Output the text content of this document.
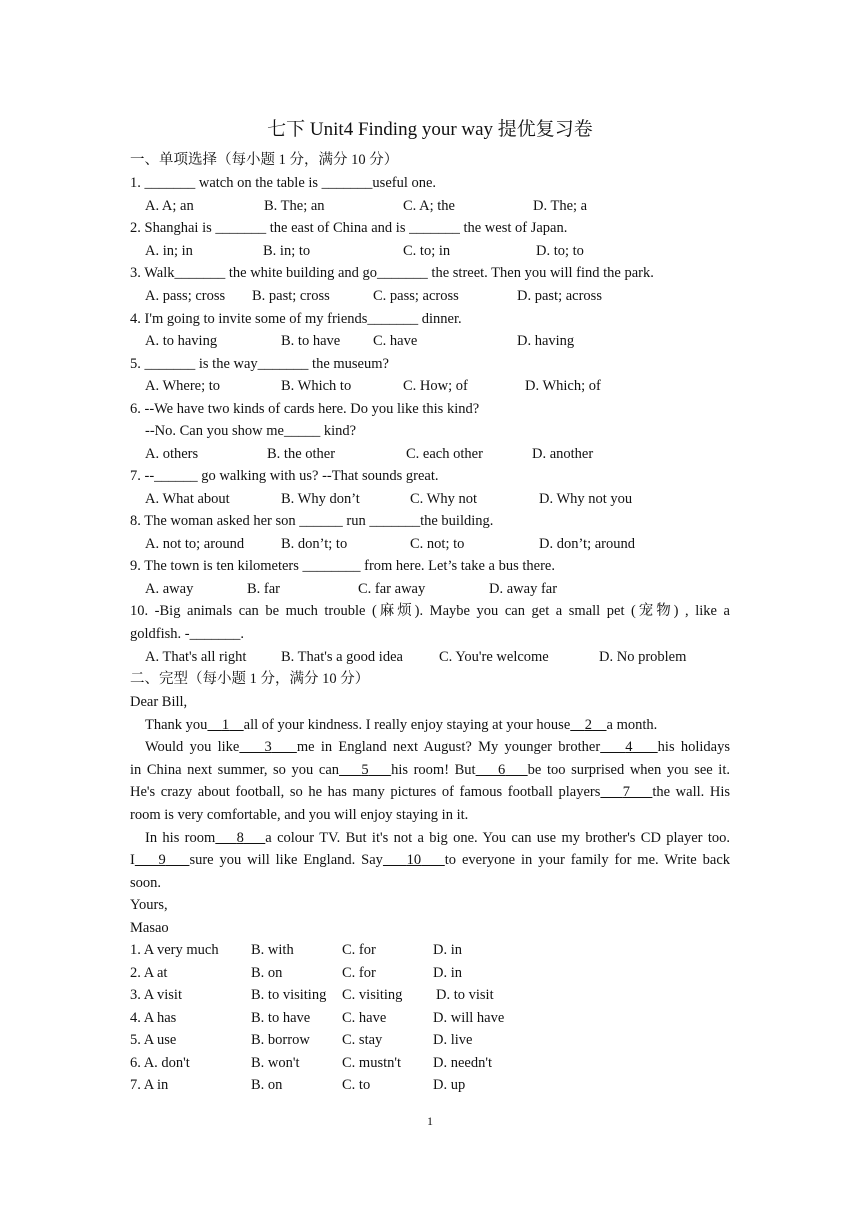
七下 Unit4 Finding your way 提优复习卷
一、单项选择（每小题 1 分，满分 10 分）
1. _______ watch on the table is _______useful one.
A. A; an	B. The; an	C. A; the	D. The; a
2. Shanghai is _______ the east of China and is _______ the west of Japan.
A. in; in	B. in; to	C. to; in	D. to; to
3. Walk_______ the white building and go_______ the street. Then you will find the park.
A. pass; cross B. past; cross	C. pass; across	D. past; across
4. I'm going to invite some of my friends_______ dinner.
A. to having	B. to have C. have	D. having
5. _______ is the way_______ the museum?
A. Where; to	B. Which to	C. How; of	D. Which; of
6. --We have two kinds of cards here. Do you like this kind?
--No. Can you show me_____ kind?
A. others	B. the other	C. each other	D. another
7. --______ go walking with us? --That sounds great.
A. What about	B. Why don’t	C. Why not	D. Why not you
8. The woman asked her son ______ run _______the building.
A. not to; around	B. don’t; to	C. not; to	D. don’t; around
9. The town is ten kilometers ________ from here. Let’s take a bus there.
A. away	B. far	C. far away	D. away far
10. -Big animals can be much trouble (麻烦). Maybe you can get a small pet (宠物) , like a
goldfish. -_______.
A. That's all right B. That's a good idea C. You're welcome	D. No problem
二、完型（每小题 1 分，满分 10 分）
Dear Bill,
Thank you 1 all of your kindness. I really enjoy staying at your house 2 a month.
Would you like 3 me in England next August? My younger brother 4 his holidays
in China next summer, so you can 5 his room! But 6 be too surprised when you see it.
He's crazy about football, so he has many pictures of famous football players 7 the wall. His
room is very comfortable, and you will enjoy staying in it.
In his room 8 a colour TV. But it's not a big one. You can use my brother's CD player too.
I 9 sure you will like England. Say 10 to everyone in your family for me. Write back
soon.
Yours,
Masao
1. A very much B. with	C. for	D. in
2. A at	B. on	C. for	D. in
3. A visit	B. to visiting C. visiting D. to visit
4. A has	B. to have C. have	D. will have
5. A use	B. borrow C. stay	D. live
6. A. don't	B. won't	C. mustn't D. needn't
7. A in	B. on	C. to	D. up
1
